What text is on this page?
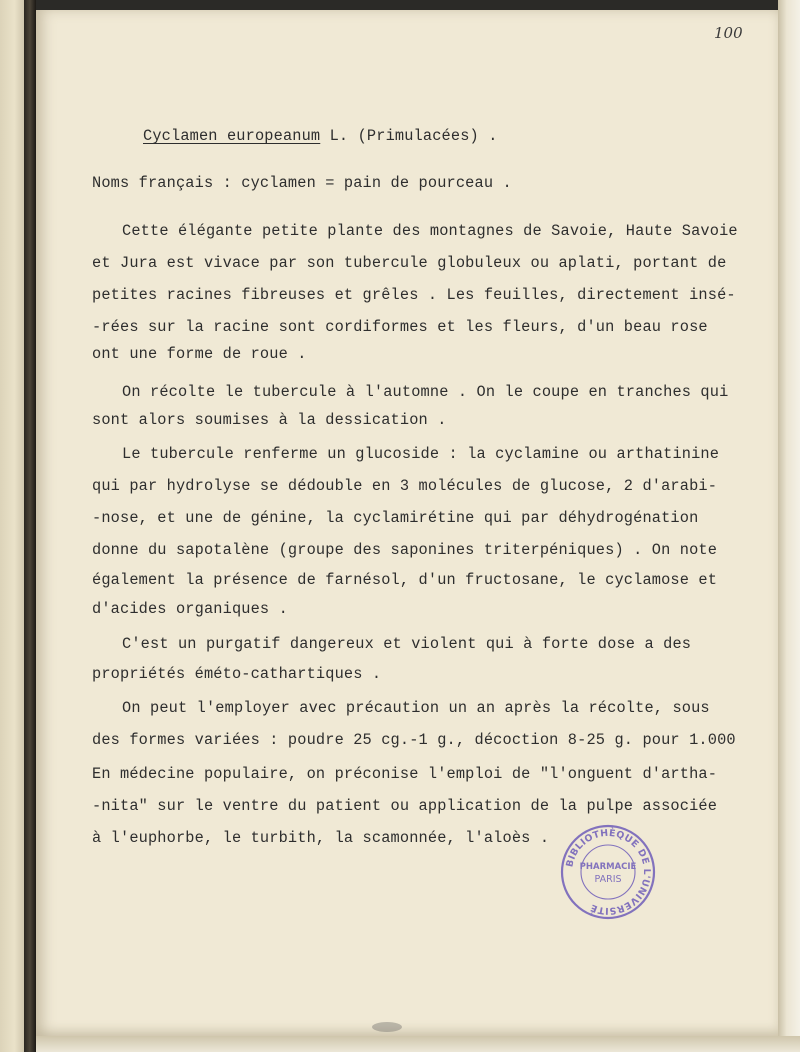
100

Cyclamen europeanum L. (Primulacées) .

Noms français : cyclamen = pain de pourceau .

Cette élégante petite plante des montagnes de Savoie, Haute Savoie

et Jura est vivace par son tubercule globuleux ou aplati, portant de

petites racines fibreuses et grêles . Les feuilles, directement insé-

-rées sur la racine sont cordiformes et les fleurs, d'un beau rose

ont une forme de roue .

On récolte le tubercule à l'automne . On le coupe en tranches qui

sont alors soumises à la dessication .

Le tubercule renferme un glucoside : la cyclamine ou arthatinine

qui par hydrolyse se dédouble en 3 molécules de glucose, 2 d'arabi-

-nose, et une de génine, la cyclamirétine qui par déhydrogénation

donne du sapotalène (groupe des saponines triterpéniques) . On note

également la présence de farnésol, d'un fructosane, le cyclamose et

d'acides organiques .

C'est un purgatif dangereux et violent qui à forte dose a des

propriétés éméto-cathartiques .

On peut l'employer avec précaution un an après la récolte, sous

des formes variées : poudre 25 cg.-1 g., décoction 8-25 g. pour 1.000

En médecine populaire, on préconise l'emploi de "l'onguent d'artha-

-nita" sur le ventre du patient ou application de la pulpe associée

à l'euphorbe, le turbith, la scamonnée, l'aloès .

BIBLIOTHÈQUE DE L'UNIVERSITÉ
PHARMACIE
PARIS
